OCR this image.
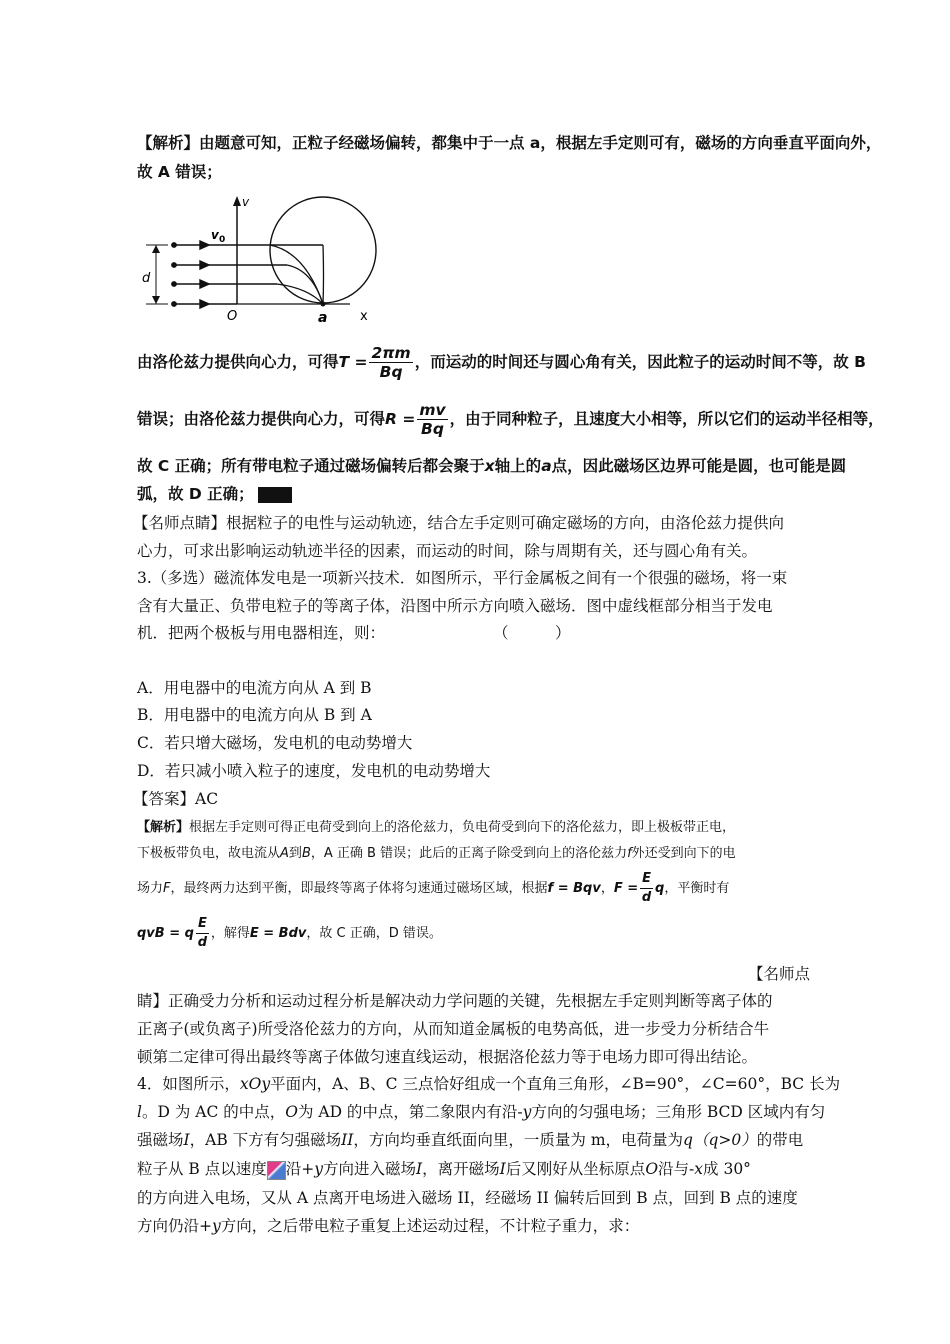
【解析】由题意可知，正粒子经磁场偏转，都集中于一点 a，根据左手定则可有，磁场的方向垂直平面向外，
故 A 错误；
v
v 0
d
O	a	x
由洛伦兹力提供向心力，可得$T = \frac{2\pi m}{Bq}$ ，而运动的时间还与圆心角有关，因此粒子的运动时间不等，故 B
错误；由洛伦兹力提供向心力，可得$R = \frac{mv}{Bq}$ ，由于同种粒子，且速度大小相等，所以它们的运动半径相等，
故 C 正确；所有带电粒子通过磁场偏转后都会聚于x轴上的a点，因此磁场区边界可能是圆，也可能是圆
弧，故 D 正确；
【名师点睛】根据粒子的电性与运动轨迹，结合左手定则可确定磁场的方向，由洛伦兹力提供向
心力，可求出影响运动轨迹半径的因素，而运动的时间，除与周期有关，还与圆心角有关。
3.（多选）磁流体发电是一项新兴技术．如图所示，平行金属板之间有一个很强的磁场，将一束
含有大量正、负带电粒子的等离子体，沿图中所示方向喷入磁场．图中虚线框部分相当于发电
机．把两个极板与用电器相连，则：	（　　　）
A．用电器中的电流方向从 A 到 B
B．用电器中的电流方向从 B 到 A
C．若只增大磁场，发电机的电动势增大
D．若只减小喷入粒子的速度，发电机的电动势增大
【答案】AC
【解析】根据左手定则可得正电荷受到向上的洛伦兹力，负电荷受到向下的洛伦兹力，即上极板带正电，
下极板带负电，故电流从A到B，A 正确 B 错误；此后的正离子除受到向上的洛伦兹力f外还受到向下的电
场力F，最终两力达到平衡，即最终等离子体将匀速通过磁场区域，根据f = Bqv，$F = \frac{E}{d}$ q，平衡时有
qvB = q $\frac{E}{d}$ ，解得E = Bdv，故 C 正确，D 错误。
【名师点
睛】正确受力分析和运动过程分析是解决动力学问题的关键，先根据左手定则判断等离子体的
正离子(或负离子)所受洛伦兹力的方向，从而知道金属板的电势高低，进一步受力分析结合牛
顿第二定律可得出最终等离子体做匀速直线运动，根据洛伦兹力等于电场力即可得出结论。
4．如图所示，xOy平面内，A、B、C 三点恰好组成一个直角三角形，∠B=90°，∠C=60°，BC 长为
l。D 为 AC 的中点，O为 AD 的中点，第二象限内有沿-y方向的匀强电场；三角形 BCD 区域内有匀
强磁场I，AB 下方有匀强磁场II，方向均垂直纸面向里，一质量为 m，电荷量为q（q>0）的带电
粒子从 B 点以速度 沿+y方向进入磁场I，离开磁场I后又刚好从坐标原点O沿与-x成 30°
的方向进入电场，又从 A 点离开电场进入磁场 II，经磁场 II 偏转后回到 B 点，回到 B 点的速度
方向仍沿+y方向，之后带电粒子重复上述运动过程，不计粒子重力，求：
